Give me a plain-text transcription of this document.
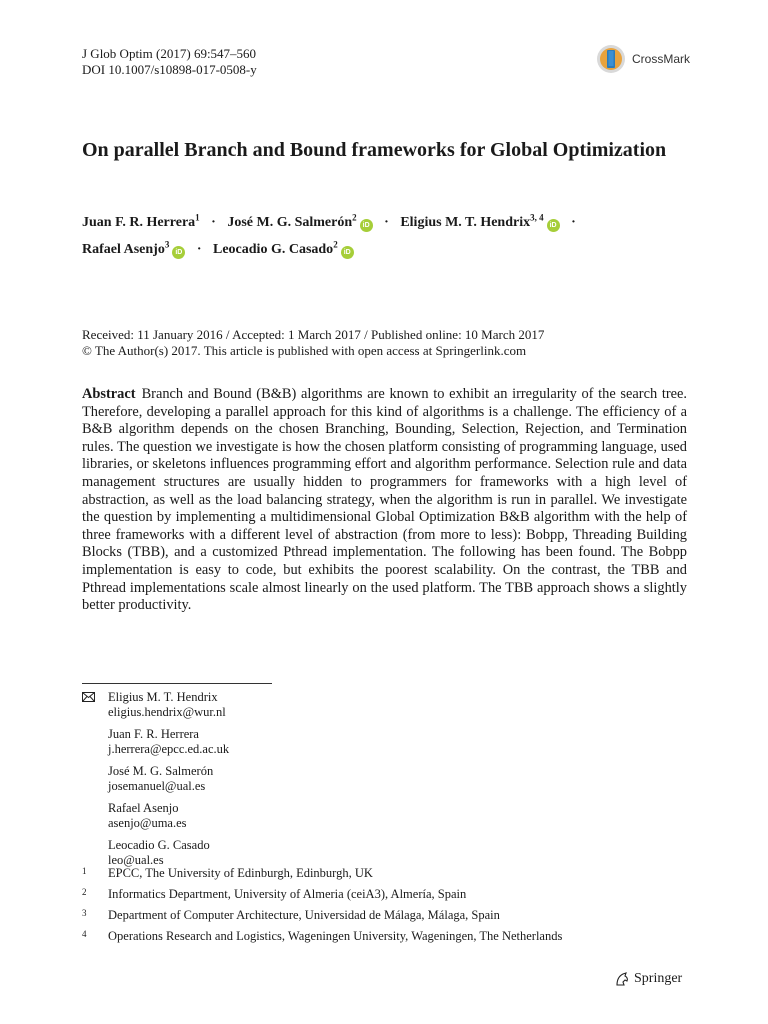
J Glob Optim (2017) 69:547–560
DOI 10.1007/s10898-017-0508-y
CrossMark
On parallel Branch and Bound frameworks for Global Optimization
Juan F. R. Herrera$^1$ · José M. G. Salmerón$^2$iD · Eligius M. T. Hendrix$^{3, 4}$iD ·
Rafael Asenjo$^3$iD · Leocadio G. Casado$^2$iD
Received: 11 January 2016 / Accepted: 1 March 2017 / Published online: 10 March 2017
© The Author(s) 2017. This article is published with open access at Springerlink.com

Abstract Branch and Bound (B&B) algorithms are known to exhibit an irregularity of the search tree. Therefore, developing a parallel approach for this kind of algorithms is a challenge. The efficiency of a B&B algorithm depends on the chosen Branching, Bounding, Selection, Rejection, and Termination rules. The question we investigate is how the chosen platform consisting of programming language, used libraries, or skeletons influences programming effort and algorithm performance. Selection rule and data management structures are usually hidden to programmers for frameworks with a high level of abstraction, as well as the load balancing strategy, when the algorithm is run in parallel. We investigate the question by implementing a multidimensional Global Optimization B&B algorithm with the help of three frameworks with a different level of abstraction (from more to less): Bobpp, Threading Building Blocks (TBB), and a customized Pthread implementation. The following has been found. The Bobpp implementation is easy to code, but exhibits the poorest scalability. On the contrast, the TBB and Pthread implementations scale almost linearly on the used platform. The TBB approach shows a slightly better productivity.

Eligius M. T. Hendrix
eligius.hendrix@wur.nl
Juan F. R. Herrera
j.herrera@epcc.ed.ac.uk
José M. G. Salmerón
josemanuel@ual.es
Rafael Asenjo
asenjo@uma.es
Leocadio G. Casado
leo@ual.es
1	EPCC, The University of Edinburgh, Edinburgh, UK
2	Informatics Department, University of Almeria (ceiA3), Almería, Spain
3	Department of Computer Architecture, Universidad de Málaga, Málaga, Spain
4	Operations Research and Logistics, Wageningen University, Wageningen, The Netherlands
Springer
